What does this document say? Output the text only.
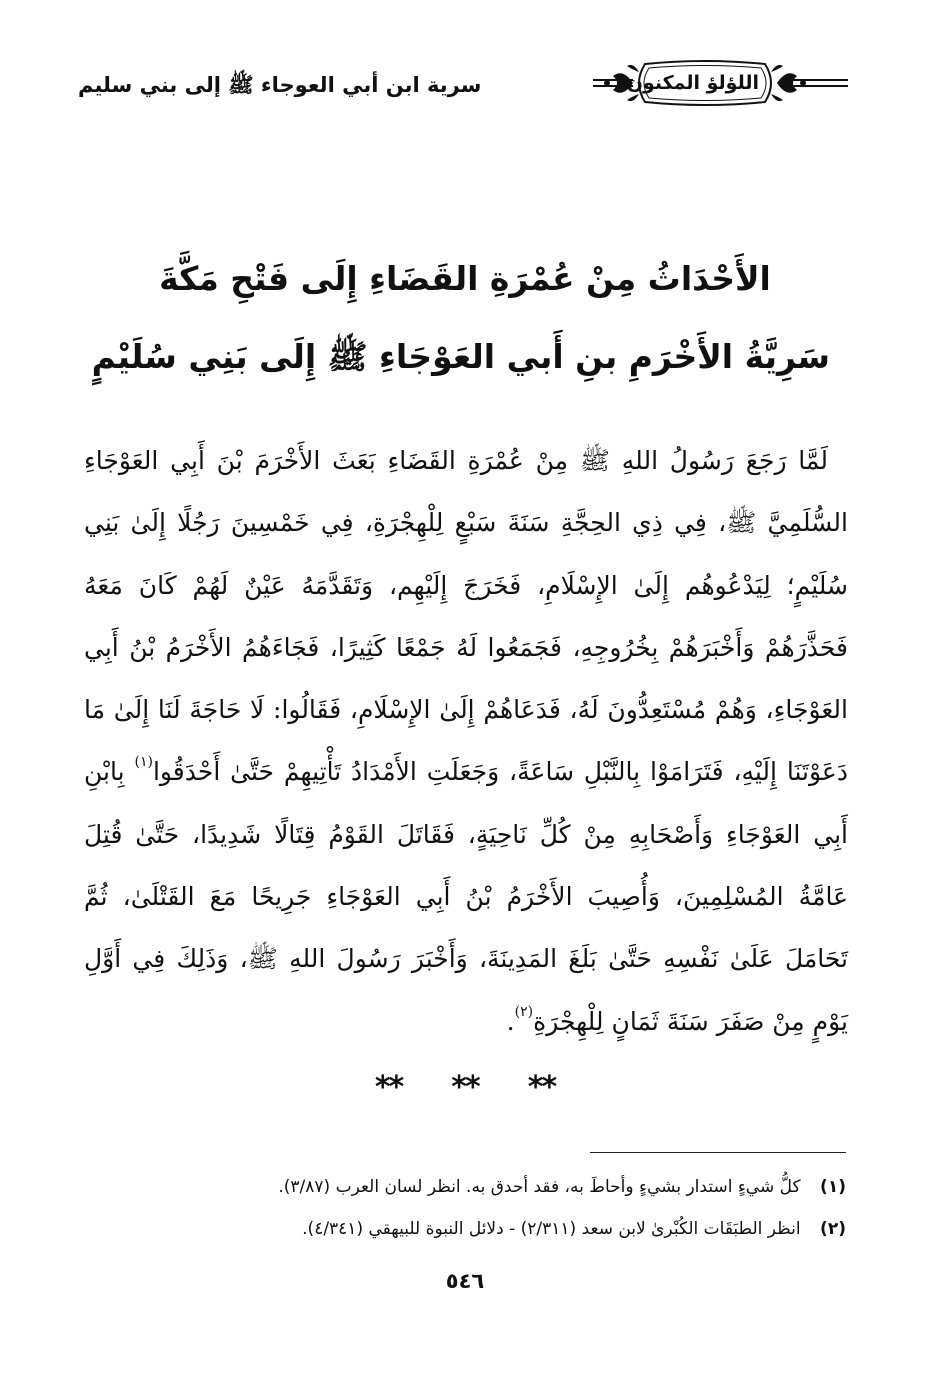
اللؤلؤ المكنون
سرية ابن أبي العوجاء ﷺ إلى بني سليم
الأَحْدَاثُ مِنْ عُمْرَةِ القَضَاءِ إِلَى فَتْحِ مَكَّةَ
سَرِيَّةُ الأَخْرَمِ بنِ أَبي العَوْجَاءِ ﷺ إِلَى بَنِي سُلَيْمٍ

لَمَّا رَجَعَ رَسُولُ اللهِ ﷺ مِنْ عُمْرَةِ القَضَاءِ بَعَثَ الأَخْرَمَ بْنَ أَبِي العَوْجَاءِ السُّلَمِيَّ ﷺ، فِي ذِي الحِجَّةِ سَنَةَ سَبْعٍ لِلْهِجْرَةِ، فِي خَمْسِينَ رَجُلًا إِلَىٰ بَنِي سُلَيْمٍ؛ لِيَدْعُوهُم إِلَىٰ الإِسْلَامِ، فَخَرَجَ إِلَيْهِم، وَتَقَدَّمَهُ عَيْنٌ لَهُمْ كَانَ مَعَهُ فَحَذَّرَهُمْ وَأَخْبَرَهُمْ بِخُرُوجِهِ، فَجَمَعُوا لَهُ جَمْعًا كَثِيرًا، فَجَاءَهُمُ الأَخْرَمُ بْنُ أَبِي العَوْجَاءِ، وَهُمْ مُسْتَعِدُّونَ لَهُ، فَدَعَاهُمْ إِلَىٰ الإِسْلَامِ، فَقَالُوا: لَا حَاجَةَ لَنَا إِلَىٰ مَا دَعَوْتَنَا إِلَيْهِ، فَتَرَامَوْا بِالنَّبْلِ سَاعَةً، وَجَعَلَتِ الأَمْدَادُ تَأْتِيهِمْ حَتَّىٰ أَحْدَقُوا$^{(١)}$ بِابْنِ أَبِي العَوْجَاءِ وَأَصْحَابِهِ مِنْ كُلِّ نَاحِيَةٍ، فَقَاتَلَ القَوْمُ قِتَالًا شَدِيدًا، حَتَّىٰ قُتِلَ عَامَّةُ المُسْلِمِينَ، وَأُصِيبَ الأَخْرَمُ بْنُ أَبِي العَوْجَاءِ جَرِيحًا مَعَ القَتْلَىٰ، ثُمَّ تَحَامَلَ عَلَىٰ نَفْسِهِ حَتَّىٰ بَلَغَ المَدِينَةَ، وَأَخْبَرَ رَسُولَ اللهِ ﷺ، وَذَلِكَ فِي أَوَّلِ يَوْمٍ مِنْ صَفَرَ سَنَةَ ثَمَانٍ لِلْهِجْرَةِ$^{(٢)}$.

** ** **
(١) كلُّ شيءٍ استدار بشيءٍ وأحاطَ به، فقد أحدق به. انظر لسان العرب (٣/٨٧).
(٢) انظر الطبَقَات الكُبْرىٰ لابن سعد (٢/٣١١) - دلائل النبوة للبيهقي (٤/٣٤١).
٥٤٦
